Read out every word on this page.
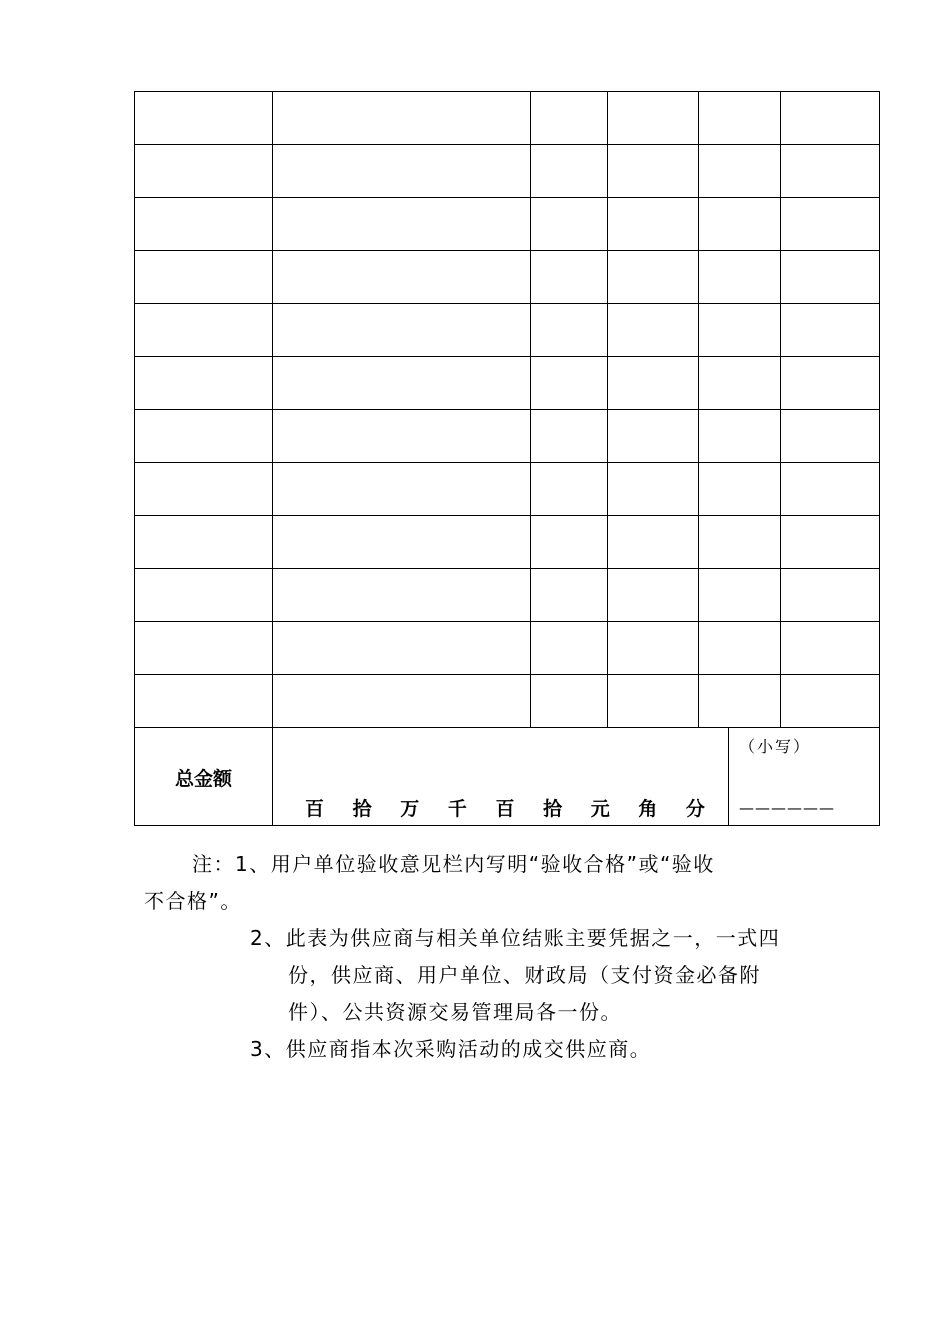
总金额	百 拾 万 千 百 拾 元 角 分				（小写）
——————	

注：1、用户单位验收意见栏内写明“验收合格”或“验收

不合格”。

2、此表为供应商与相关单位结账主要凭据之一，一式四份，供应商、用户单位、财政局（支付资金必备附件）、公共资源交易管理局各一份。

3、供应商指本次采购活动的成交供应商。
